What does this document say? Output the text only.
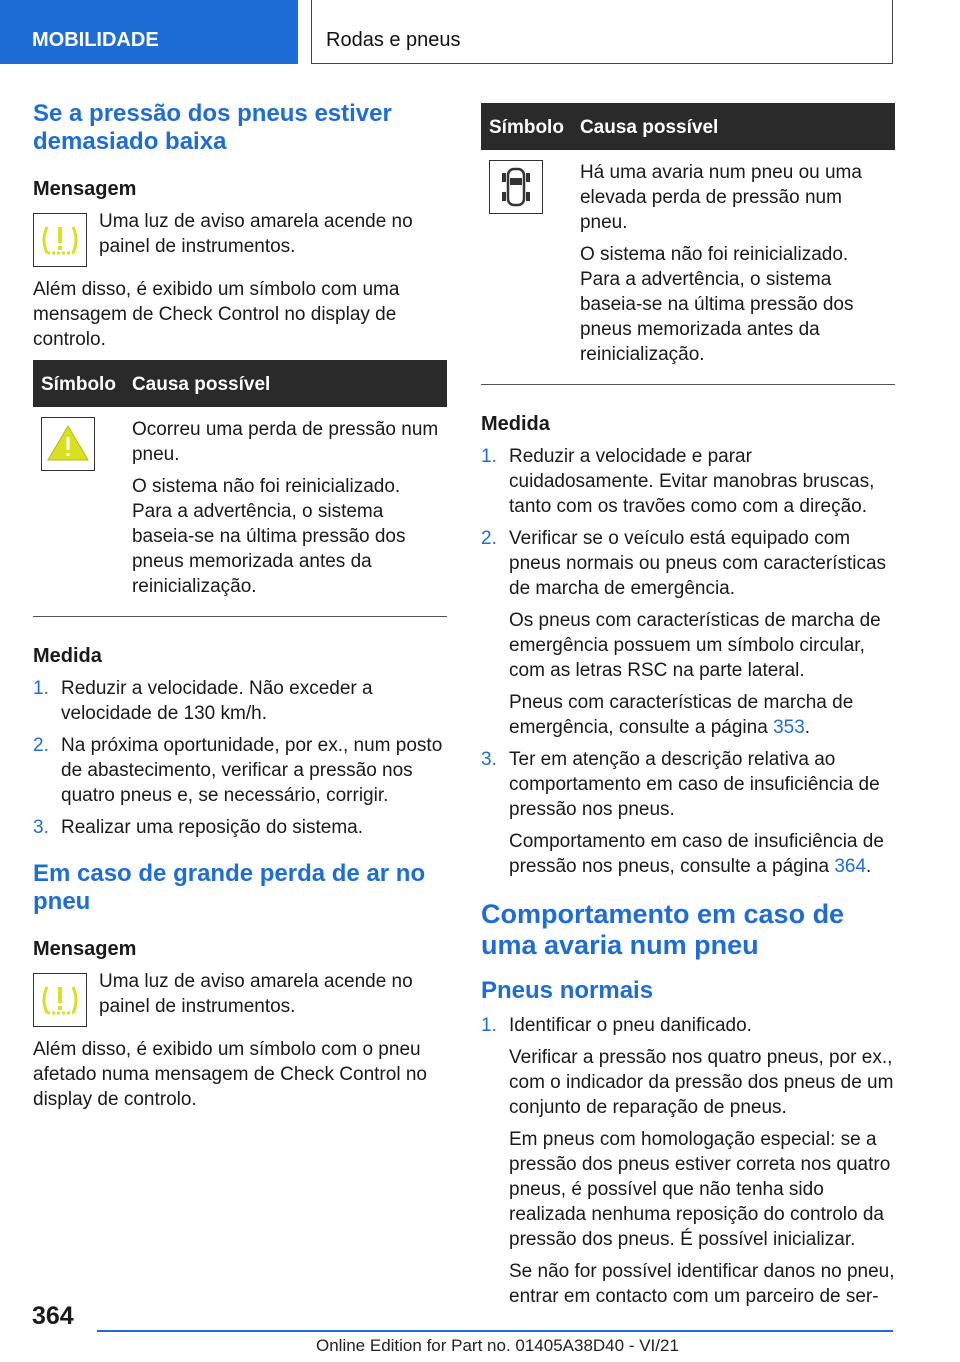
MOBILIDADE	Rodas e pneus
Se a pressão dos pneus estiver demasiado baixa
Mensagem

Uma luz de aviso amarela acende no painel de instrumentos.

Além disso, é exibido um símbolo com uma mensagem de Check Control no display de controlo.

Símbolo	Causa possível

Ocorreu uma perda de pressão num pneu.

O sistema não foi reinicializado. Para a advertência, o sistema baseia-se na última pressão dos pneus memorizada antes da reinicialização.

Medida
1. Reduzir a velocidade. Não exceder a velocidade de 130 km/h.
2. Na próxima oportunidade, por ex., num posto de abastecimento, verificar a pressão nos quatro pneus e, se necessário, corrigir.
3. Realizar uma reposição do sistema.
Em caso de grande perda de ar no pneu
Mensagem

Uma luz de aviso amarela acende no painel de instrumentos.

Além disso, é exibido um símbolo com o pneu afetado numa mensagem de Check Control no display de controlo.

Símbolo	Causa possível

Há uma avaria num pneu ou uma elevada perda de pressão num pneu.

O sistema não foi reinicializado. Para a advertência, o sistema baseia-se na última pressão dos pneus memorizada antes da reinicialização.

Medida
1. Reduzir a velocidade e parar cuidadosamente. Evitar manobras bruscas, tanto com os travões como com a direção.
2. Verificar se o veículo está equipado com pneus normais ou pneus com características de marcha de emergência.

Os pneus com características de marcha de emergência possuem um símbolo circular, com as letras RSC na parte lateral.

Pneus com características de marcha de emergência, consulte a página 353.

3. Ter em atenção a descrição relativa ao comportamento em caso de insuficiência de pressão nos pneus.

Comportamento em caso de insuficiência de pressão nos pneus, consulte a página 364.

Comportamento em caso de uma avaria num pneu
Pneus normais
1. Identificar o pneu danificado.

Verificar a pressão nos quatro pneus, por ex., com o indicador da pressão dos pneus de um conjunto de reparação de pneus.

Em pneus com homologação especial: se a pressão dos pneus estiver correta nos quatro pneus, é possível que não tenha sido realizada nenhuma reposição do controlo da pressão dos pneus. É possível inicializar.

Se não for possível identificar danos no pneu, entrar em contacto com um parceiro de ser-

364
Online Edition for Part no. 01405A38D40 - VI/21
